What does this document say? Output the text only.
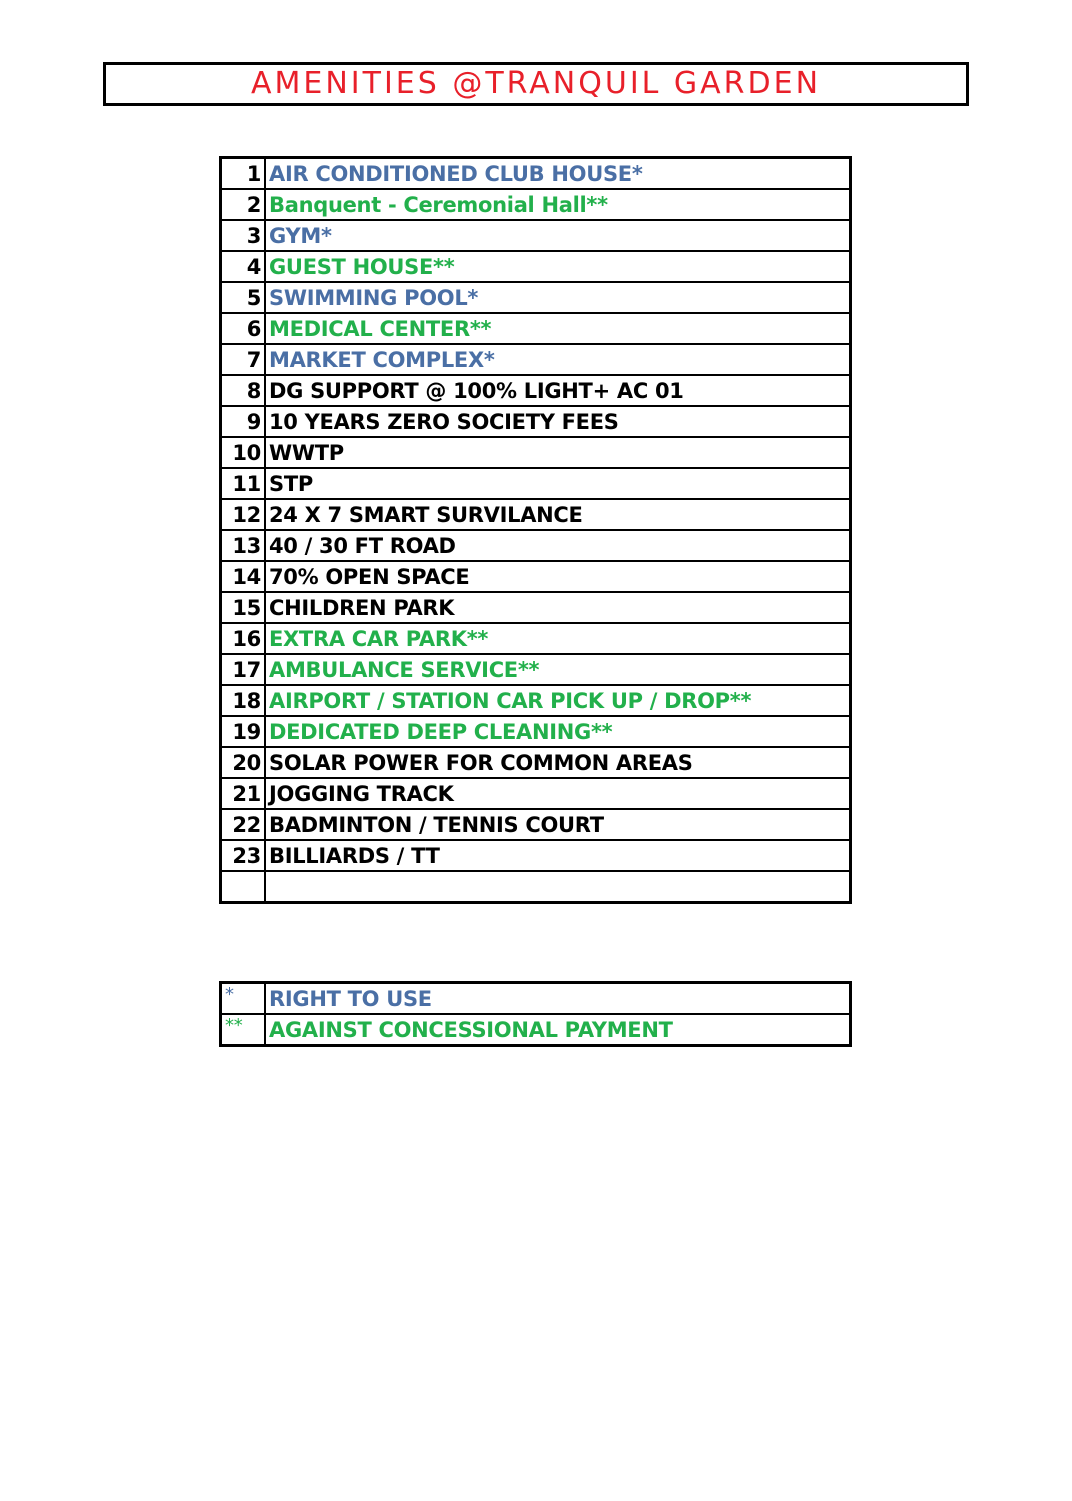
AMENITIES @TRANQUIL GARDEN
1	AIR CONDITIONED CLUB HOUSE*
2	Banquent - Ceremonial Hall**
3	GYM*
4	GUEST HOUSE**
5	SWIMMING POOL*
6	MEDICAL CENTER**
7	MARKET COMPLEX*
8	DG SUPPORT @ 100% LIGHT+ AC 01
9	10 YEARS ZERO SOCIETY FEES
10	WWTP
11	STP
12	24 X 7 SMART SURVILANCE
13	40 / 30 FT ROAD
14	70% OPEN SPACE
15	CHILDREN PARK
16	EXTRA CAR PARK**
17	AMBULANCE SERVICE**
18	AIRPORT / STATION CAR PICK UP / DROP**
19	DEDICATED DEEP CLEANING**
20	SOLAR POWER FOR COMMON AREAS
21	JOGGING TRACK
22	BADMINTON / TENNIS COURT
23	BILLIARDS / TT

*	RIGHT TO USE
**	AGAINST CONCESSIONAL PAYMENT
